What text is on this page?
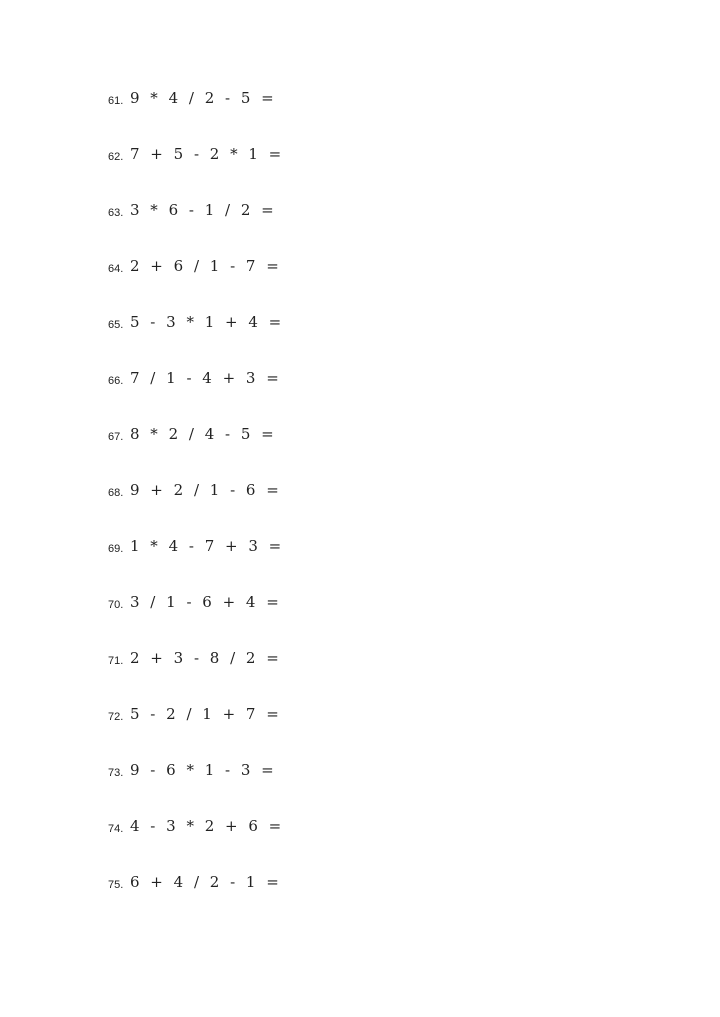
61. 9 * 4 / 2 - 5 =
62. 7 + 5 - 2 * 1 =
63. 3 * 6 - 1 / 2 =
64. 2 + 6 / 1 - 7 =
65. 5 - 3 * 1 + 4 =
66. 7 / 1 - 4 + 3 =
67. 8 * 2 / 4 - 5 =
68. 9 + 2 / 1 - 6 =
69. 1 * 4 - 7 + 3 =
70. 3 / 1 - 6 + 4 =
71. 2 + 3 - 8 / 2 =
72. 5 - 2 / 1 + 7 =
73. 9 - 6 * 1 - 3 =
74. 4 - 3 * 2 + 6 =
75. 6 + 4 / 2 - 1 =
